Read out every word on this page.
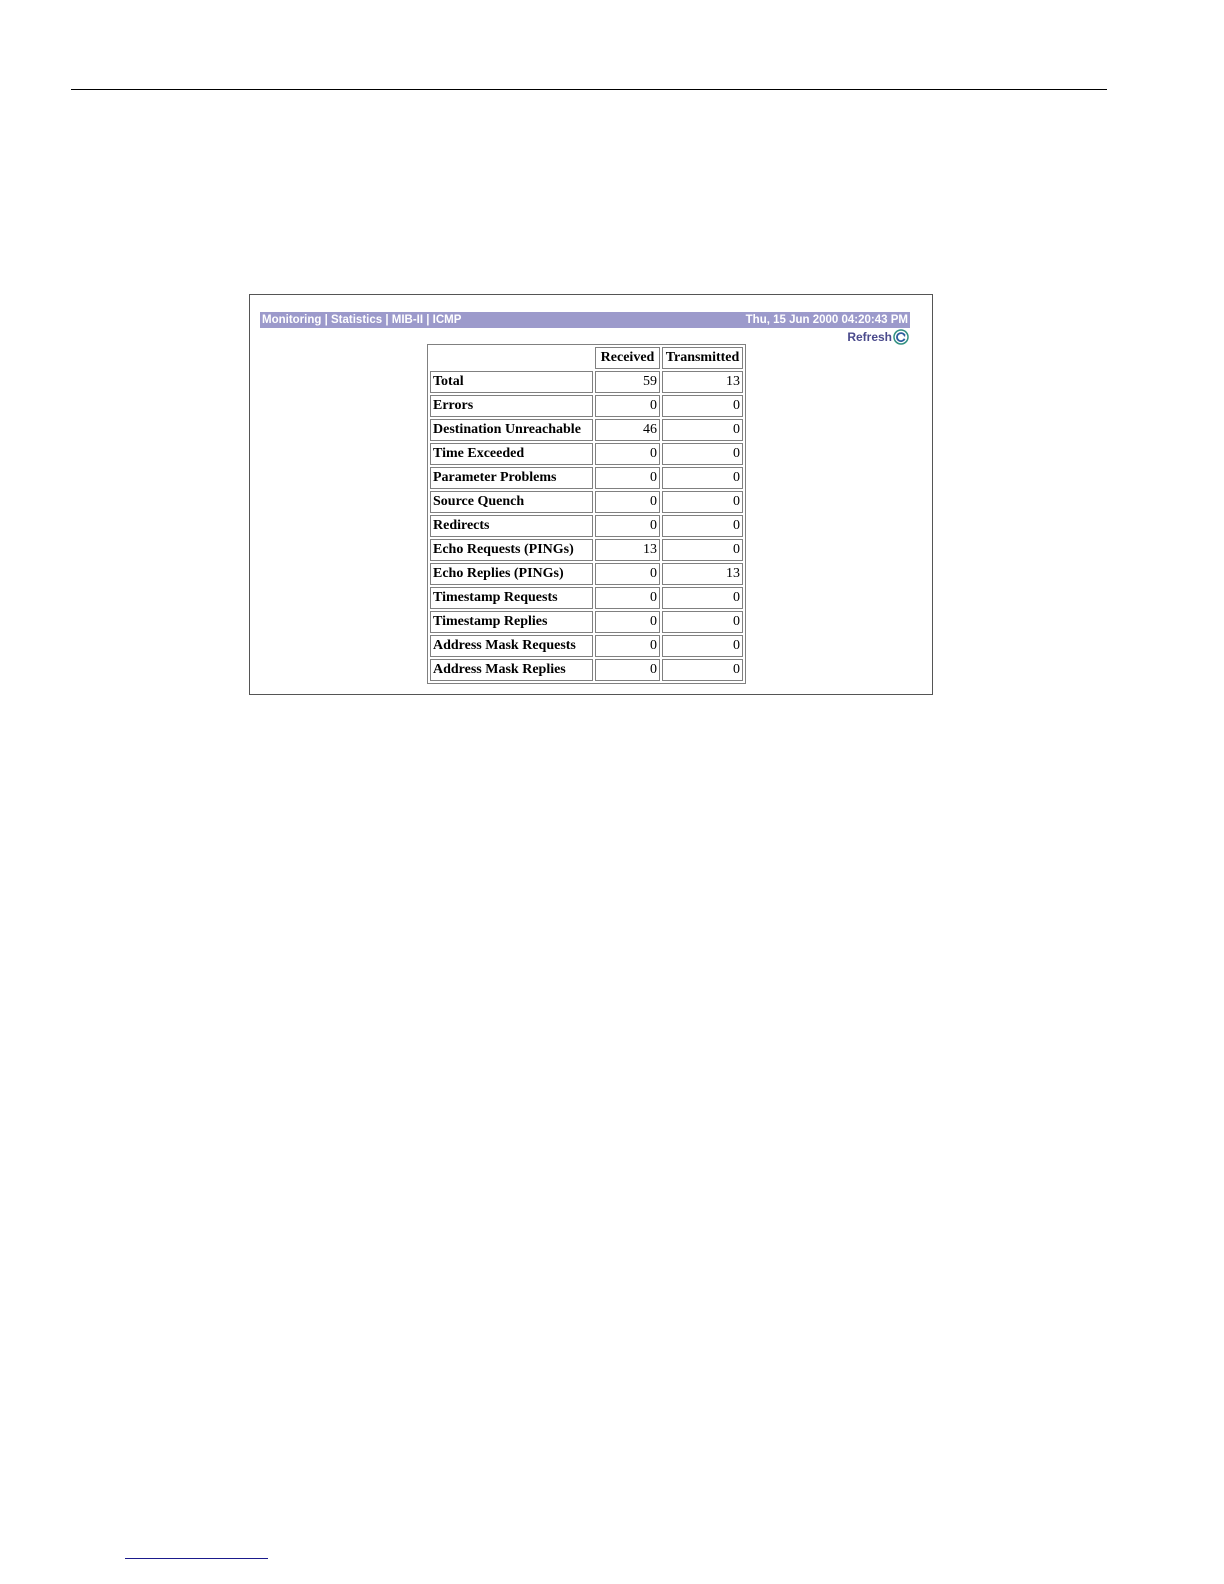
Monitoring | Statistics | MIB-II | ICMP	Thu, 15 Jun 2000 04:20:43 PM
Refresh
	Received	Transmitted
Total	59	13
Errors	0	0
Destination Unreachable	46	0
Time Exceeded	0	0
Parameter Problems	0	0
Source Quench	0	0
Redirects	0	0
Echo Requests (PINGs)	13	0
Echo Replies (PINGs)	0	13
Timestamp Requests	0	0
Timestamp Replies	0	0
Address Mask Requests	0	0
Address Mask Replies	0	0
